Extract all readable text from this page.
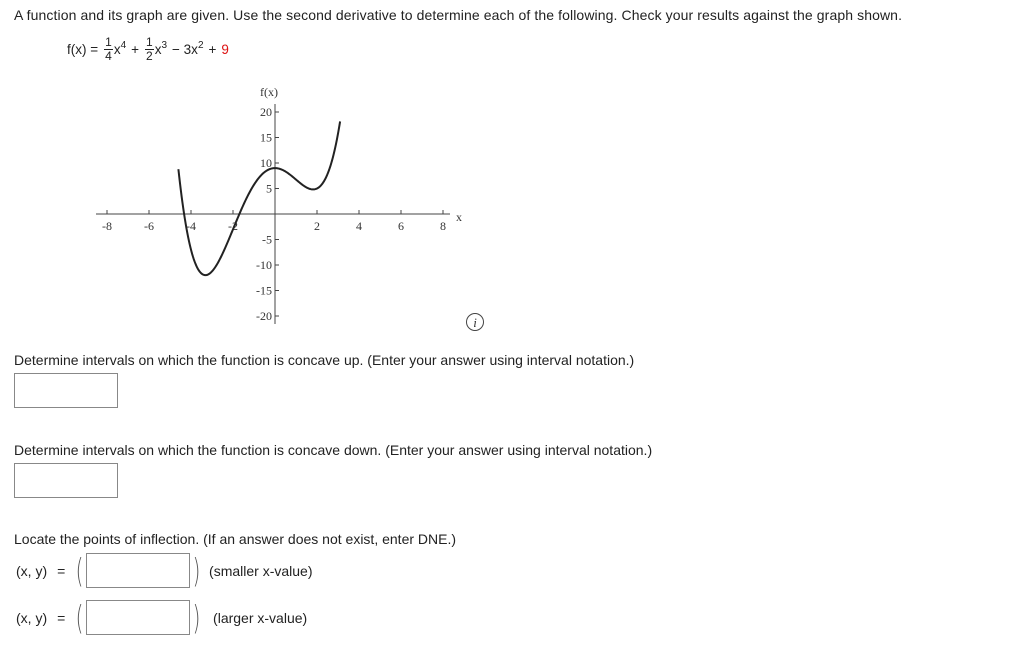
A function and its graph are given. Use the second derivative to determine each of the following. Check your results against the graph shown.
$f(x) = \frac{1}{4} x^4 + \frac{1}{2} x^3 - 3x^2 + 9$
-8	-6	-4	-2	2	4	6	8
20
15
10
5
-5
-10
-15
-20
f(x)
x
i
Determine intervals on which the function is concave up. (Enter your answer using interval notation.)
Determine intervals on which the function is concave down. (Enter your answer using interval notation.)
Locate the points of inflection. (If an answer does not exist, enter DNE.)
(x, y) = (	) (smaller x-value)
(x, y) = (	) (larger x-value)
